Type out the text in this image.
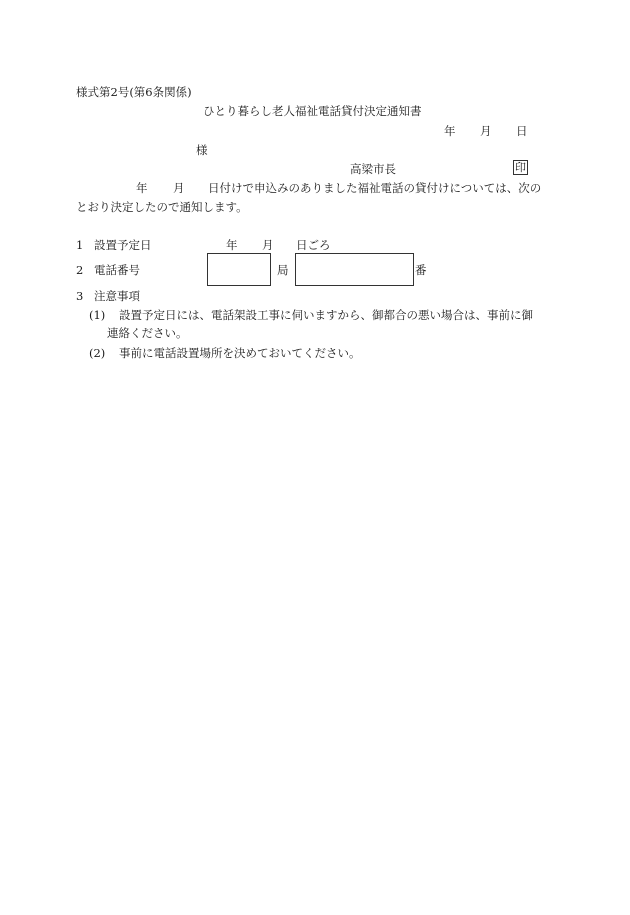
様式第2号(第6条関係)
ひとり暮らし老人福祉電話貸付決定通知書
年 月 日
様
高梁市長	印
年 月 日付けで申込みのありました福祉電話の貸付けについては、次の
とおり決定したので通知します。
1 設置予定日	年 月 日ごろ
2 電話番号	局	番
3 注意事項
(1) 設置予定日には、電話架設工事に伺いますから、御都合の悪い場合は、事前に御
連絡ください。
(2) 事前に電話設置場所を決めておいてください。
